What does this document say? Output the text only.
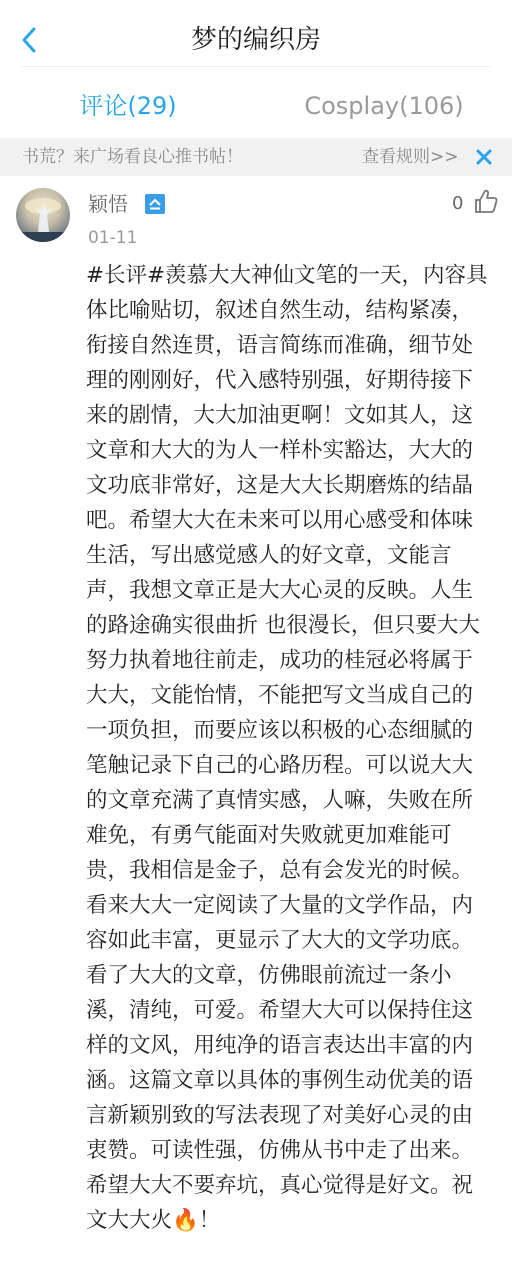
梦的编织房
评论(29)	Cosplay(106)
书荒？来广场看良心推书帖！	查看规则>>
颖悟	0
01-11
#长评#羡慕大大神仙文笔的一天，内容具体比喻贴切，叙述自然生动，结构紧凑，衔接自然连贯，语言简练而准确，细节处理的刚刚好，代入感特别强，好期待接下来的剧情，大大加油更啊！文如其人，这文章和大大的为人一样朴实豁达，大大的文功底非常好，这是大大长期磨炼的结晶吧。希望大大在未来可以用心感受和体味生活，写出感觉感人的好文章，文能言声，我想文章正是大大心灵的反映。人生的路途确实很曲折 也很漫长，但只要大大努力执着地往前走，成功的桂冠必将属于大大，文能怡情，不能把写文当成自己的一项负担，而要应该以积极的心态细腻的笔触记录下自己的心路历程。可以说大大的文章充满了真情实感，人嘛，失败在所难免，有勇气能面对失败就更加难能可贵，我相信是金子，总有会发光的时候。看来大大一定阅读了大量的文学作品，内容如此丰富，更显示了大大的文学功底。看了大大的文章，仿佛眼前流过一条小溪，清纯，可爱。希望大大可以保持住这样的文风，用纯净的语言表达出丰富的内涵。这篇文章以具体的事例生动优美的语言新颖别致的写法表现了对美好心灵的由衷赞。可读性强，仿佛从书中走了出来。希望大大不要弃坑，真心觉得是好文。祝文大大火🔥！
